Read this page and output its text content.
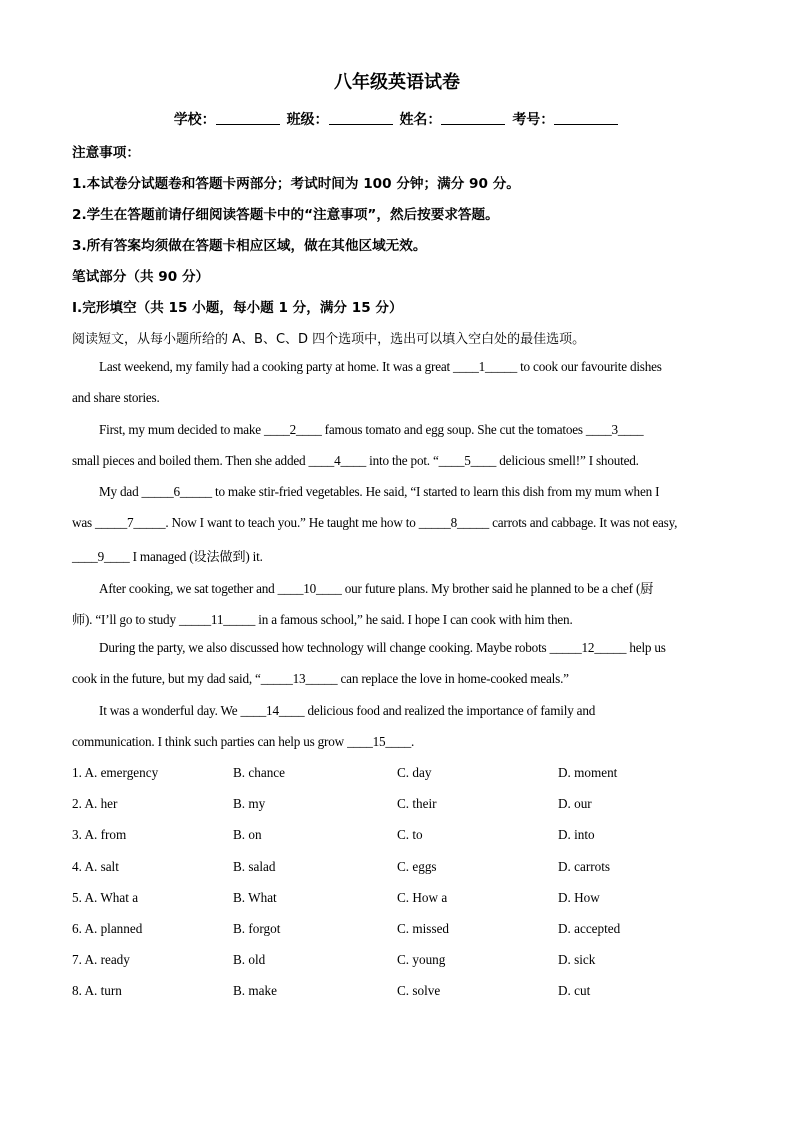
八年级英语试卷
学校：	班级：	姓名：	考号：
注意事项：
1.本试卷分试题卷和答题卡两部分；考试时间为 100 分钟；满分 90 分。
2.学生在答题前请仔细阅读答题卡中的“注意事项”，然后按要求答题。
3.所有答案均须做在答题卡相应区域，做在其他区域无效。
笔试部分（共 90 分）
Ⅰ.完形填空（共 15 小题，每小题 1 分，满分 15 分）
阅读短文，从每小题所给的 A、B、C、D 四个选项中，选出可以填入空白处的最佳选项。
Last weekend, my family had a cooking party at home. It was a great ____1_____ to cook our favourite dishes
and share stories.
First, my mum decided to make ____2____ famous tomato and egg soup. She cut the tomatoes ____3____
small pieces and boiled them. Then she added ____4____ into the pot. “____5____ delicious smell!” I shouted.
My dad _____6_____ to make stir-fried vegetables. He said, “I started to learn this dish from my mum when I
was _____7_____. Now I want to teach you.” He taught me how to _____8_____ carrots and cabbage. It was not easy,
____9____ I managed (设法做到) it.
After cooking, we sat together and ____10____ our future plans. My brother said he planned to be a chef (厨
师). “I’ll go to study _____11_____ in a famous school,” he said. I hope I can cook with him then.
During the party, we also discussed how technology will change cooking. Maybe robots _____12_____ help us
cook in the future, but my dad said, “_____13_____ can replace the love in home-cooked meals.”
It was a wonderful day. We ____14____ delicious food and realized the importance of family and
communication. I think such parties can help us grow ____15____.
1. A. emergency	B. chance	C. day	D. moment
2. A. her	B. my	C. their	D. our
3. A. from	B. on	C. to	D. into
4. A. salt	B. salad	C. eggs	D. carrots
5. A. What a	B. What	C. How a	D. How
6. A. planned	B. forgot	C. missed	D. accepted
7. A. ready	B. old	C. young	D. sick
8. A. turn	B. make	C. solve	D. cut
